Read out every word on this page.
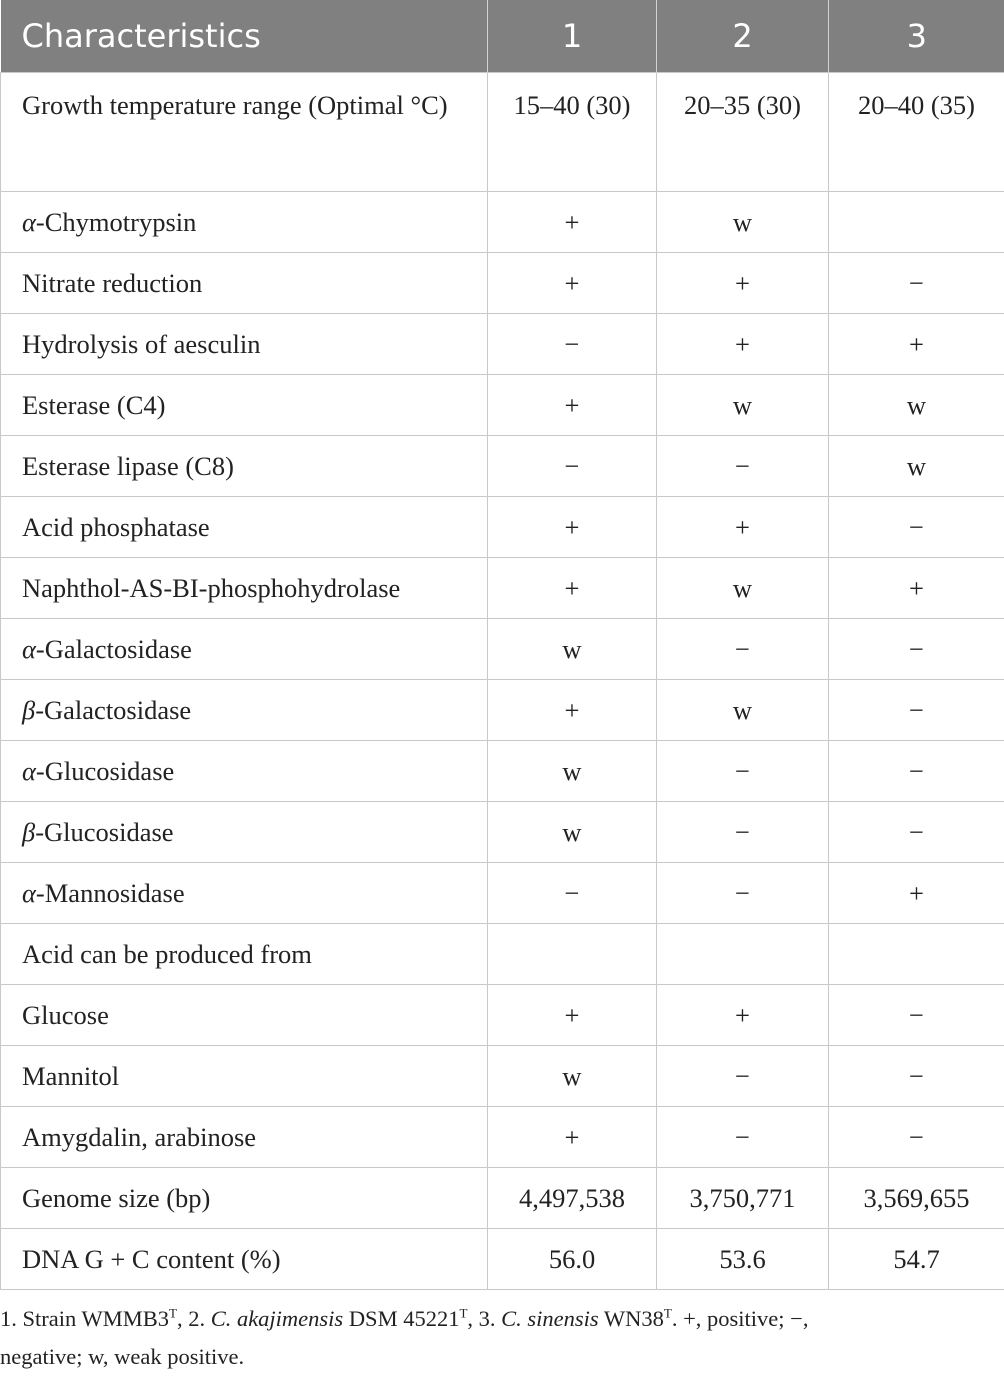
Characteristics	1	2	3
Growth temperature range (Optimal °C)	15–40 (30)	20–35 (30)	20–40 (35)
α-Chymotrypsin	+	w	
Nitrate reduction	+	+	−
Hydrolysis of aesculin	−	+	+
Esterase (C4)	+	w	w
Esterase lipase (C8)	−	−	w
Acid phosphatase	+	+	−
Naphthol-AS-BI-phosphohydrolase	+	w	+
α-Galactosidase	w	−	−
β-Galactosidase	+	w	−
α-Glucosidase	w	−	−
β-Glucosidase	w	−	−
α-Mannosidase	−	−	+
Acid can be produced from			
Glucose	+	+	−
Mannitol	w	−	−
Amygdalin, arabinose	+	−	−
Genome size (bp)	4,497,538	3,750,771	3,569,655
DNA G + C content (%)	56.0	53.6	54.7
1. Strain $WMMB3^T$, 2. C. akajimensis DSM $45221^T$, 3. C. sinensis $WN38^T$. +, positive; −,
negative; w, weak positive.
